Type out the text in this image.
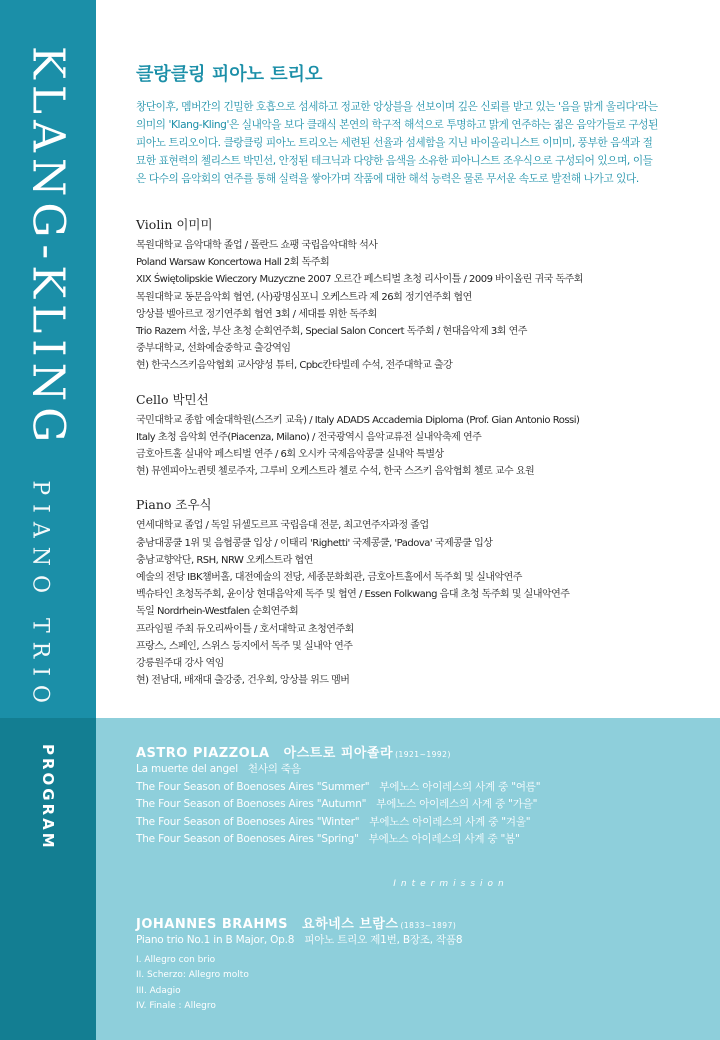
KLANG-KLINGPIANO TRIO
PROGRAM
클랑클링 피아노 트리오
창단이후, 멤버간의 긴밀한 호흡으로 섬세하고 정교한 앙상블을 선보이며 깊은 신뢰를 받고 있는 '음을 맑게 울리다'라는
의미의 'Klang-Kling'은 실내악을 보다 클래식 본연의 학구적 해석으로 투명하고 맑게 연주하는 젊은 음악가들로 구성된
피아노 트리오이다. 클랑클링 피아노 트리오는 세련된 선율과 섬세함을 지닌 바이올리니스트 이미미, 풍부한 음색과 절
묘한 표현력의 첼리스트 박민선, 안정된 테크닉과 다양한 음색을 소유한 피아니스트 조우식으로 구성되어 있으며, 이들
은 다수의 음악회의 연주를 통해 실력을 쌓아가며 작품에 대한 해석 능력은 물론 무서운 속도로 발전해 나가고 있다.
Violin 이미미
목원대학교 음악대학 졸업 / 폴란드 쇼팽 국립음악대학 석사
Poland Warsaw Koncertowa Hall 2회 독주회
XIX Świętolipskie Wieczory Muzyczne 2007 오르간 페스티벌 초청 리사이틀 / 2009 바이올린 귀국 독주회
목원대학교 동문음악회 협연, (사)광명심포니 오케스트라 제 26회 정기연주회 협연
앙상블 벨아르코 정기연주회 협연 3회 / 세대를 위한 독주회
Trio Razem 서울, 부산 초청 순회연주회, Special Salon Concert 독주회 / 현대음악제 3회 연주
중부대학교, 선화예술중학교 출강역임
현) 한국스즈키음악협회 교사양성 튜터, Cpbc칸타빌레 수석, 전주대학교 출강
Cello 박민선
국민대학교 종합 예술대학원(스즈키 교육) / Italy ADADS Accademia Diploma (Prof. Gian Antonio Rossi)
Italy 초청 음악회 연주(Piacenza, Milano) / 전국광역시 음악교류전 실내악축제 연주
금호아트홀 실내악 페스티벌 연주 / 6회 오시카 국제음악콩쿨 실내악 특별상
현) 뮤엔피아노퀸텟 첼로주자, 그루비 오케스트라 첼로 수석, 한국 스즈키 음악협회 첼로 교수 요원
Piano 조우식
연세대학교 졸업 / 독일 뒤셀도르프 국립음대 전문, 최고연주자과정 졸업
충남대콩쿨 1위 및 음협콩쿨 입상 / 이태리 'Righetti' 국제콩쿨, 'Padova' 국제콩쿨 입상
충남교향악단, RSH, NRW 오케스트라 협연
예술의 전당 IBK챔버홀, 대전예술의 전당, 세종문화회관, 금호아트홀에서 독주회 및 실내악연주
벡슈타인 초청독주회, 윤이상 현대음악제 독주 및 협연 / Essen Folkwang 음대 초청 독주회 및 실내악연주
독일 Nordrhein-Westfalen 순회연주회
프라임필 주최 듀오리싸이틀 / 호서대학교 초청연주회
프랑스, 스페인, 스위스 등지에서 독주 및 실내악 연주
강릉원주대 강사 역임
현) 전남대, 배재대 출강중, 건우회, 앙상블 위드 멤버
ASTRO PIAZZOLA 아스트로 피아졸라 (1921~1992)
La muerte del angel 천사의 죽음
The Four Season of Boenoses Aires "Summer" 부에노스 아이레스의 사계 중 "여름"
The Four Season of Boenoses Aires "Autumn" 부에노스 아이레스의 사계 중 "가을"
The Four Season of Boenoses Aires "Winter" 부에노스 아이레스의 사계 중 "겨울"
The Four Season of Boenoses Aires "Spring" 부에노스 아이레스의 사계 중 "봄"
Intermission
JOHANNES BRAHMS 요하네스 브람스 (1833~1897)
Piano trio No.1 in B Major, Op.8 피아노 트리오 제1번, B장조, 작품8
I. Allegro con brio
II. Scherzo: Allegro molto
III. Adagio
IV. Finale : Allegro
